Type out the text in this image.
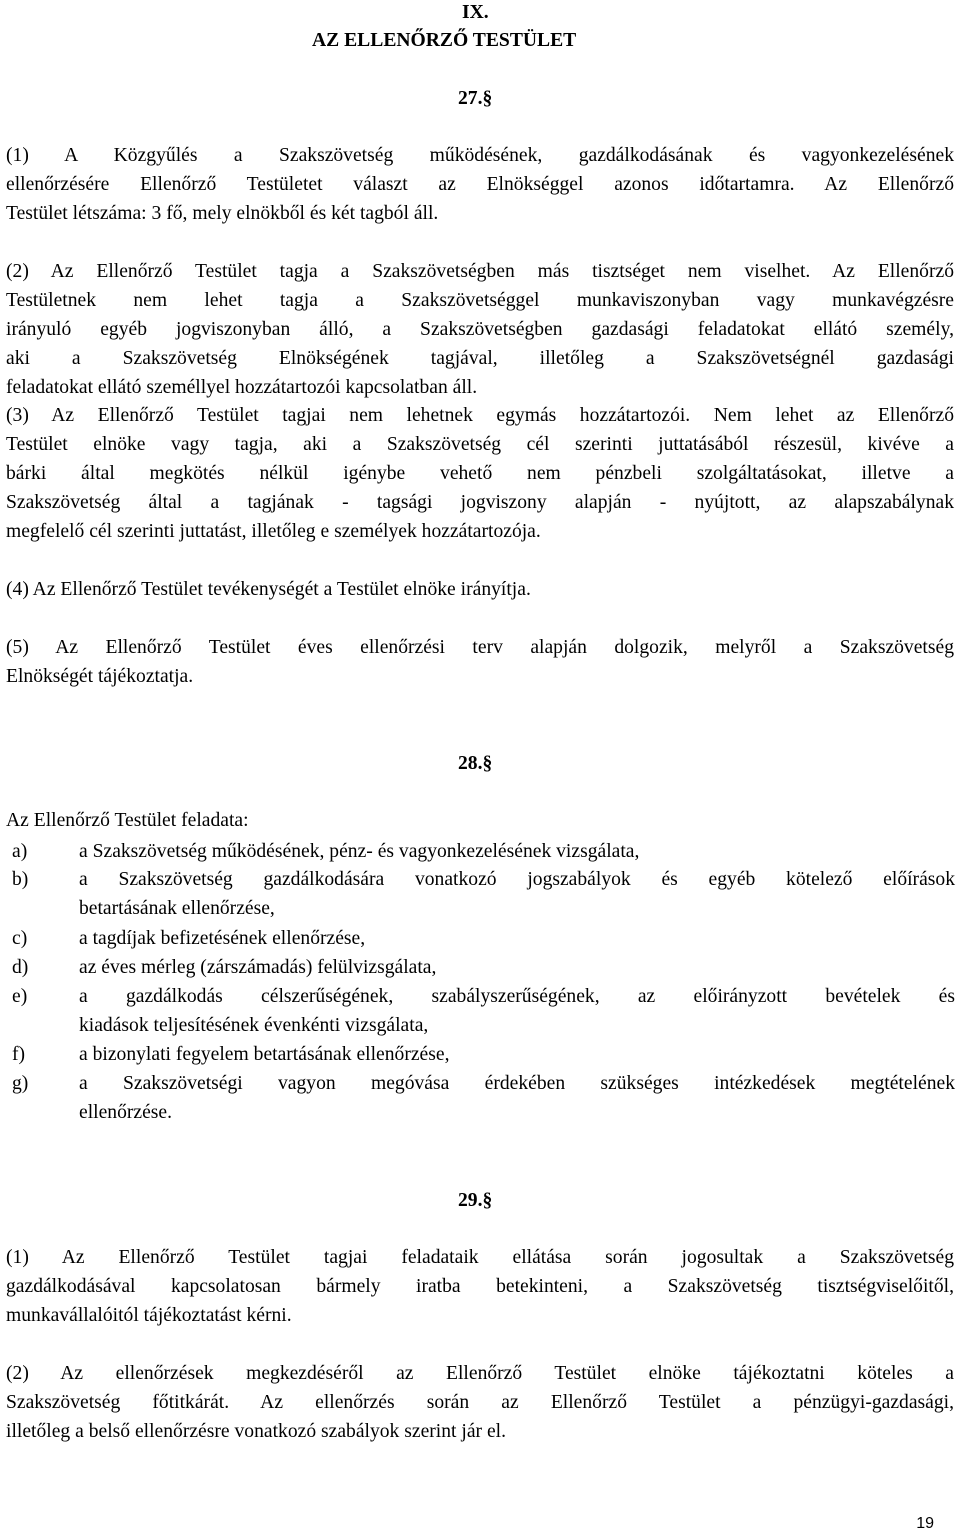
IX.
AZ ELLENŐRZŐ TESTÜLET
27.§
(1) A Közgyűlés a Szakszövetség működésének, gazdálkodásának és vagyonkezelésének
ellenőrzésére Ellenőrző Testületet választ az Elnökséggel azonos időtartamra. Az Ellenőrző
Testület létszáma: 3 fő, mely elnökből és két tagból áll.
(2) Az Ellenőrző Testület tagja a Szakszövetségben más tisztséget nem viselhet. Az Ellenőrző
Testületnek nem lehet tagja a Szakszövetséggel munkaviszonyban vagy munkavégzésre
irányuló egyéb jogviszonyban álló, a Szakszövetségben gazdasági feladatokat ellátó személy,
aki a Szakszövetség Elnökségének tagjával, illetőleg a Szakszövetségnél gazdasági
feladatokat ellátó személlyel hozzátartozói kapcsolatban áll.
(3) Az Ellenőrző Testület tagjai nem lehetnek egymás hozzátartozói. Nem lehet az Ellenőrző
Testület elnöke vagy tagja, aki a Szakszövetség cél szerinti juttatásából részesül, kivéve a
bárki által megkötés nélkül igénybe vehető nem pénzbeli szolgáltatásokat, illetve a
Szakszövetség által a tagjának - tagsági jogviszony alapján - nyújtott, az alapszabálynak
megfelelő cél szerinti juttatást, illetőleg e személyek hozzátartozója.
(4) Az Ellenőrző Testület tevékenységét a Testület elnöke irányítja.
(5) Az Ellenőrző Testület éves ellenőrzési terv alapján dolgozik, melyről a Szakszövetség
Elnökségét tájékoztatja.
28.§
Az Ellenőrző Testület feladata:
a)	a Szakszövetség működésének, pénz- és vagyonkezelésének vizsgálata,
b)	a Szakszövetség gazdálkodására vonatkozó jogszabályok és egyéb kötelező előírások
betartásának ellenőrzése,
c)	a tagdíjak befizetésének ellenőrzése,
d)	az éves mérleg (zárszámadás) felülvizsgálata,
e)	a gazdálkodás célszerűségének, szabályszerűségének, az előirányzott bevételek és
kiadások teljesítésének évenkénti vizsgálata,
f)	a bizonylati fegyelem betartásának ellenőrzése,
g)	a Szakszövetségi vagyon megóvása érdekében szükséges intézkedések megtételének
ellenőrzése.
29.§
(1) Az Ellenőrző Testület tagjai feladataik ellátása során jogosultak a Szakszövetség
gazdálkodásával kapcsolatosan bármely iratba betekinteni, a Szakszövetség tisztségviselőitől,
munkavállalóitól tájékoztatást kérni.
(2) Az ellenőrzések megkezdéséről az Ellenőrző Testület elnöke tájékoztatni köteles a
Szakszövetség főtitkárát. Az ellenőrzés során az Ellenőrző Testület a pénzügyi-gazdasági,
illetőleg a belső ellenőrzésre vonatkozó szabályok szerint jár el.
19
